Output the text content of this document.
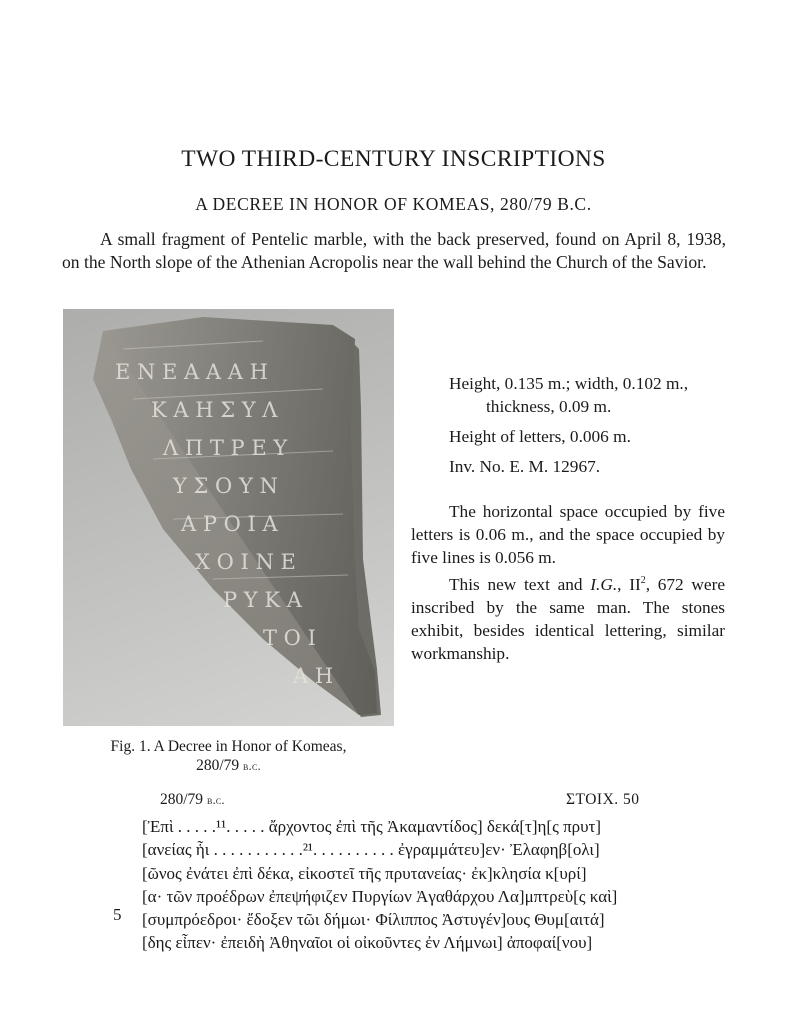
TWO THIRD-CENTURY INSCRIPTIONS
A DECREE IN HONOR OF KOMEAS, 280/79 B.C.
A small fragment of Pentelic marble, with the back preserved, found on April 8, 1938, on the North slope of the Athenian Acropolis near the wall behind the Church of the Savior.
Ε Ν Ε Α Α Α Η
Κ Α Η Σ Υ Λ
Λ Π Τ Ρ Ε Υ
Υ Σ Ο Υ Ν
Α Ρ Ο Ι Α
Χ Ο Ι Ν Ε
Ρ Υ Κ Α
Τ Ο Ι
Α Η
Fig. 1. A Decree in Honor of Komeas,
280/79 b.c.
Height, 0.135 m.; width, 0.102 m.,
thickness, 0.09 m.
Height of letters, 0.006 m.
Inv. No. E. M. 12967.

The horizontal space occupied by five letters is 0.06 m., and the space occupied by five lines is 0.056 m.

This new text and I.G., $II^2$, 672 were inscribed by the same man. The stones exhibit, besides identical lettering, similar workmanship.

280/79 b.c.	ΣΤΟΙΧ. 50
[Ἐπὶ . . . . .¹¹. . . . . ἄρχοντος ἐπὶ τῆς Ἀκαμαντίδος] δεκά[τ]η[ς πρυτ]
[ανείας ἧι . . . . . . . . . . .²¹. . . . . . . . . . ἐγραμμάτευ]εν· Ἐλαφηβ[ολι]
[ῶνος ἐνάτει ἐπὶ δέκα, εἰκοστεῖ τῆς πρυτανείας· ἐκ]κλησία κ[υρί]
[α· τῶν προέδρων ἐπεψήφιζεν Πυργίων Ἀγαθάρχου Λα]μπτρεὺ[ς καὶ]
[συμπρόεδροι· ἔδοξεν τῶι δήμωι· Φίλιππος Ἀστυγέν]ους Θυμ[αιτά]
[δης εἶπεν· ἐπειδὴ Ἀθηναῖοι οἱ οἰκοῦντες ἐν Λήμνωι] ἀποφαί[νου]
5
